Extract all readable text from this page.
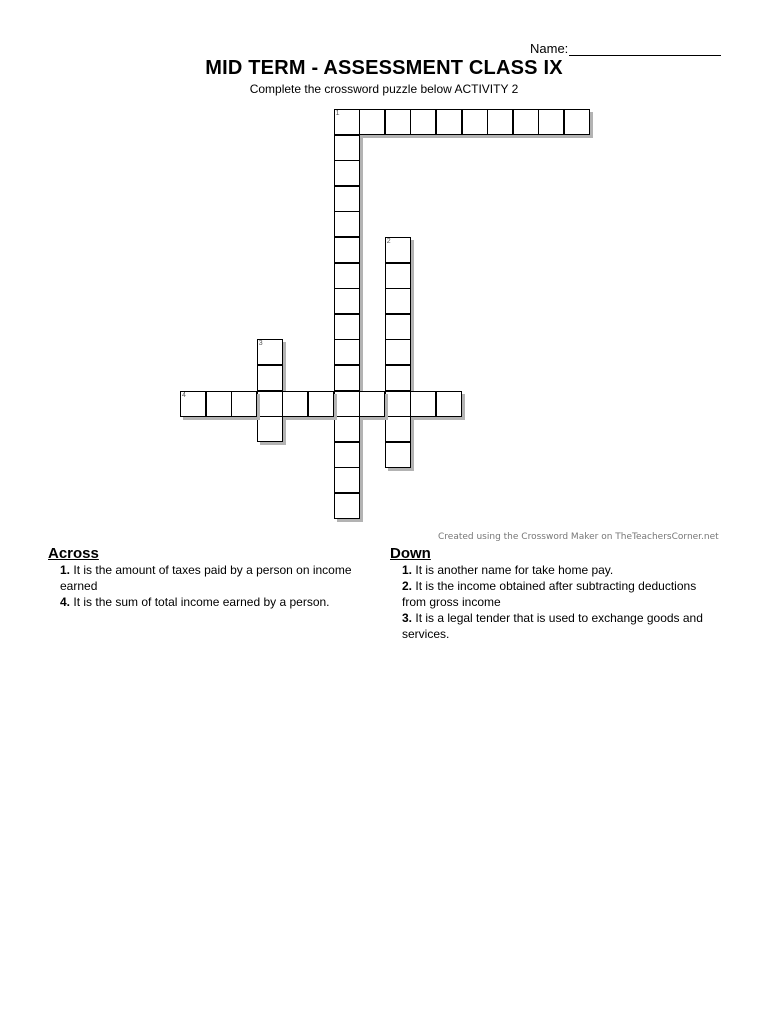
Name:
MID TERM - ASSESSMENT CLASS IX
Complete the crossword puzzle below ACTIVITY 2
1
2
3
4
Created using the Crossword Maker on TheTeachersCorner.net
Across
1. It is the amount of taxes paid by a person on income earned
4. It is the sum of total income earned by a person.
Down
1. It is another name for take home pay.
2. It is the income obtained after subtracting deductions from gross income
3. It is a legal tender that is used to exchange goods and services.
